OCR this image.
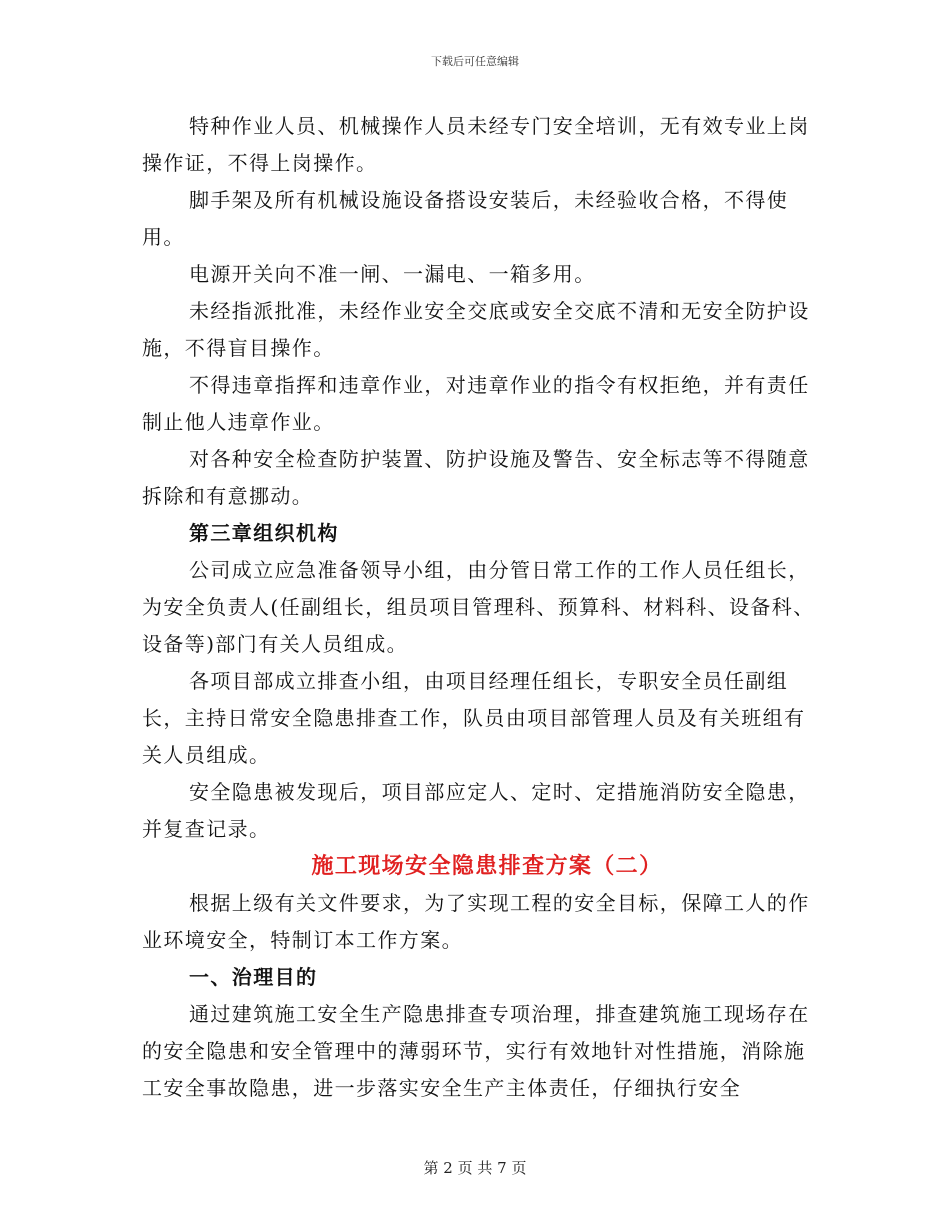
下载后可任意编辑

特种作业人员、机械操作人员未经专门安全培训，无有效专业上岗操作证，不得上岗操作。

脚手架及所有机械设施设备搭设安装后，未经验收合格，不得使用。

电源开关向不准一闸、一漏电、一箱多用。

未经指派批准，未经作业安全交底或安全交底不清和无安全防护设施，不得盲目操作。

不得违章指挥和违章作业，对违章作业的指令有权拒绝，并有责任制止他人违章作业。

对各种安全检查防护装置、防护设施及警告、安全标志等不得随意拆除和有意挪动。

第三章组织机构

公司成立应急准备领导小组，由分管日常工作的工作人员任组长，为安全负责人(任副组长，组员项目管理科、预算科、材料科、设备科、设备等)部门有关人员组成。

各项目部成立排查小组，由项目经理任组长，专职安全员任副组长，主持日常安全隐患排查工作，队员由项目部管理人员及有关班组有关人员组成。

安全隐患被发现后，项目部应定人、定时、定措施消防安全隐患，并复查记录。

施工现场安全隐患排查方案（二）

根据上级有关文件要求，为了实现工程的安全目标，保障工人的作业环境安全，特制订本工作方案。

一、治理目的

通过建筑施工安全生产隐患排查专项治理，排查建筑施工现场存在的安全隐患和安全管理中的薄弱环节，实行有效地针对性措施，消除施工安全事故隐患，进一步落实安全生产主体责任，仔细执行安全

第 2 页 共 7 页
